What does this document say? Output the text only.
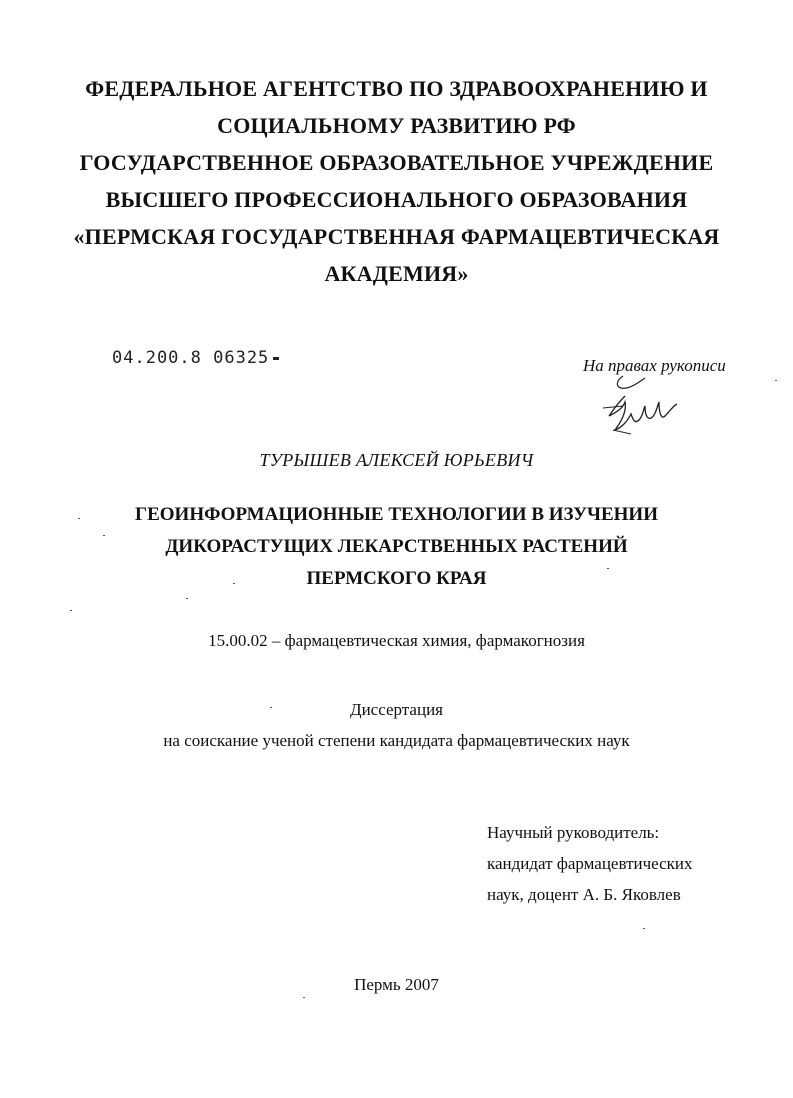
ФЕДЕРАЛЬНОЕ АГЕНТСТВО ПО ЗДРАВООХРАНЕНИЮ И
СОЦИАЛЬНОМУ РАЗВИТИЮ РФ
ГОСУДАРСТВЕННОЕ ОБРАЗОВАТЕЛЬНОЕ УЧРЕЖДЕНИЕ
ВЫСШЕГО ПРОФЕССИОНАЛЬНОГО ОБРАЗОВАНИЯ
«ПЕРМСКАЯ ГОСУДАРСТВЕННАЯ ФАРМАЦЕВТИЧЕСКАЯ
АКАДЕМИЯ»
04.200.8 06325	На правах рукописи
ТУРЫШЕВ АЛЕКСЕЙ ЮРЬЕВИЧ
ГЕОИНФОРМАЦИОННЫЕ ТЕХНОЛОГИИ В ИЗУЧЕНИИ
ДИКОРАСТУЩИХ ЛЕКАРСТВЕННЫХ РАСТЕНИЙ
ПЕРМСКОГО КРАЯ
15.00.02 – фармацевтическая химия, фармакогнозия
Диссертация
на соискание ученой степени кандидата фармацевтических наук
Научный руководитель:
кандидат фармацевтических
наук, доцент А. Б. Яковлев
Пермь 2007
